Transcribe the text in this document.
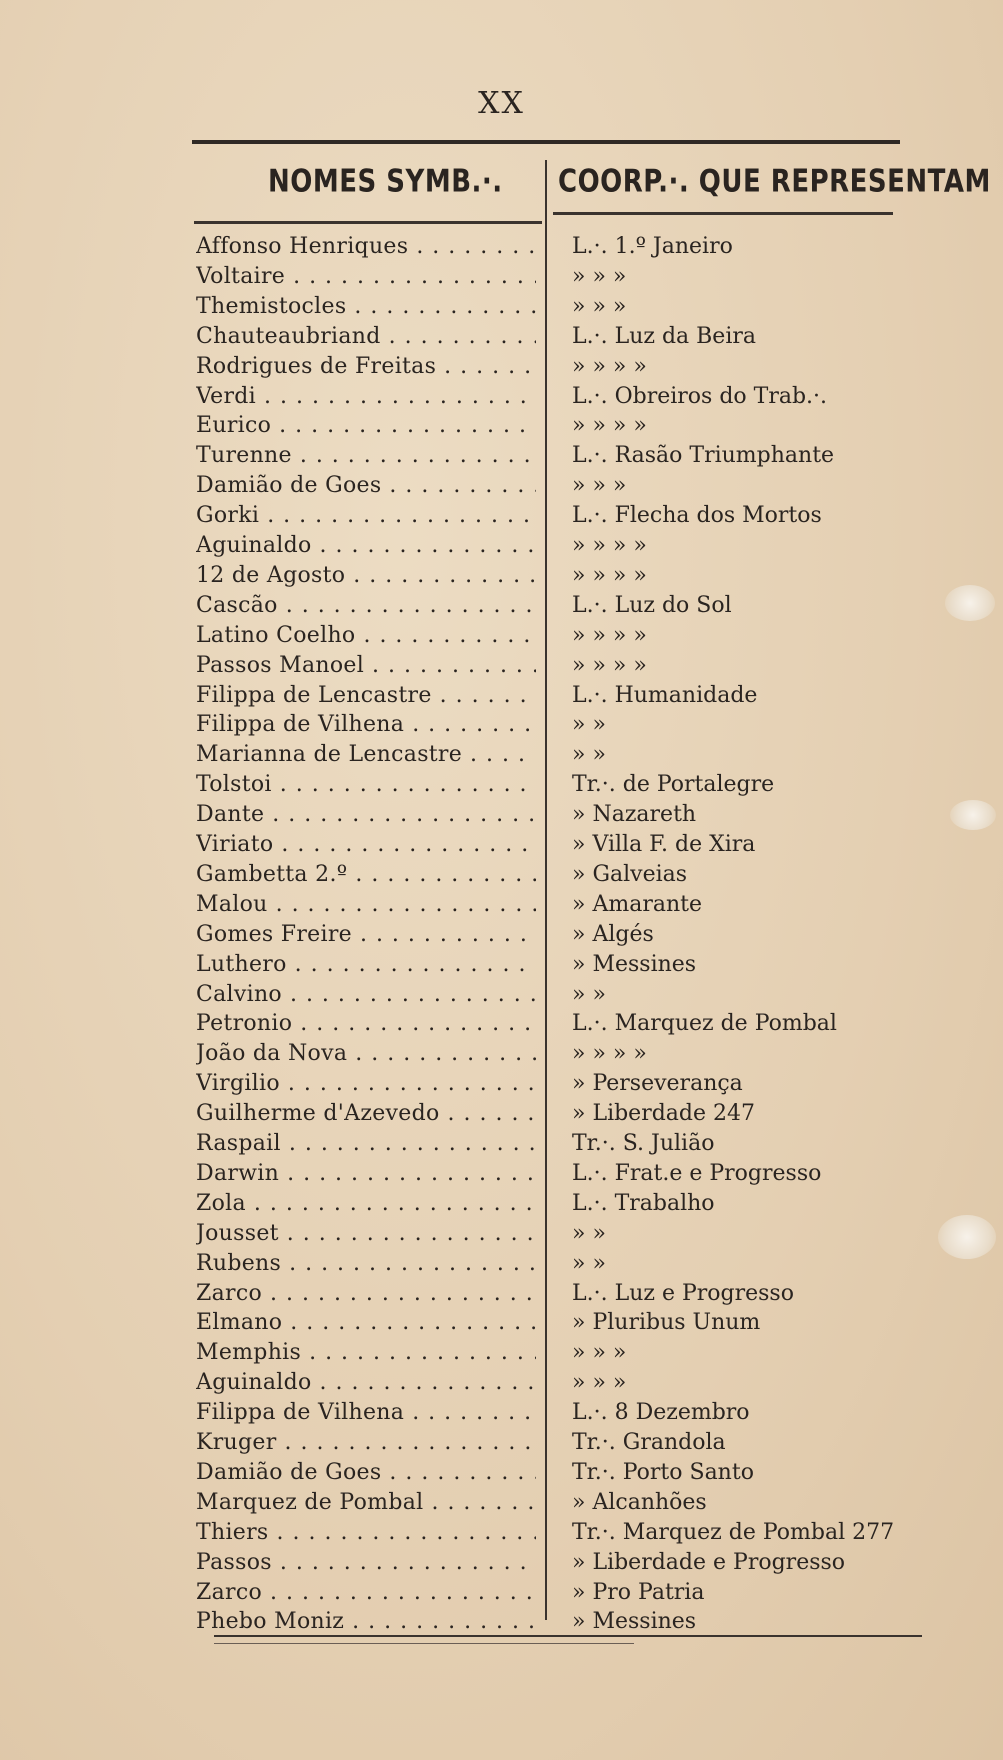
XX
NOMES SYMB.·. COORP.·. QUE REPRESENTAM
Affonso Henriques . . .	L.·. 1.º Janeiro
Voltaire . . .	» » »
Themistocles . . .	» » »
Chauteaubriand . . .	L.·. Luz da Beira
Rodrigues de Freitas . . .	» » » »
Verdi . . .	L.·. Obreiros do Trab.·.
Eurico . . .	» » » »
Turenne . . .	L.·. Rasão Triumphante
Damião de Goes . . .	» » »
Gorki . . .	L.·. Flecha dos Mortos
Aguinaldo . . .	» » » »
12 de Agosto . . .	» » » »
Cascão . . .	L.·. Luz do Sol
Latino Coelho . . .	» » » »
Passos Manoel . . .	» » » »
Filippa de Lencastre . . .	L.·. Humanidade
Filippa de Vilhena . . .	» »
Marianna de Lencastre . . .	» »
Tolstoi . . .	Tr.·. de Portalegre
Dante . . .	» Nazareth
Viriato . . .	» Villa F. de Xira
Gambetta 2.º . . .	» Galveias
Malou . . .	» Amarante
Gomes Freire . . .	» Algés
Luthero . . .	» Messines
Calvino . . .	» »
Petronio . . .	L.·. Marquez de Pombal
João da Nova . . .	» » » »
Virgilio . . .	» Perseverança
Guilherme d'Azevedo . . .	» Liberdade 247
Raspail . . .	Tr.·. S. Julião
Darwin . . .	L.·. Frat.e e Progresso
Zola . . .	L.·. Trabalho
Jousset . . .	» »
Rubens . . .	» »
Zarco . . .	L.·. Luz e Progresso
Elmano . . .	» Pluribus Unum
Memphis . . .	» » »
Aguinaldo . . .	» » »
Filippa de Vilhena . . .	L.·. 8 Dezembro
Kruger . . .	Tr.·. Grandola
Damião de Goes . . .	Tr.·. Porto Santo
Marquez de Pombal . . .	» Alcanhões
Thiers . . .	Tr.·. Marquez de Pombal 277
Passos . . .	» Liberdade e Progresso
Zarco . . .	» Pro Patria
Phebo Moniz . . .	» Messines
